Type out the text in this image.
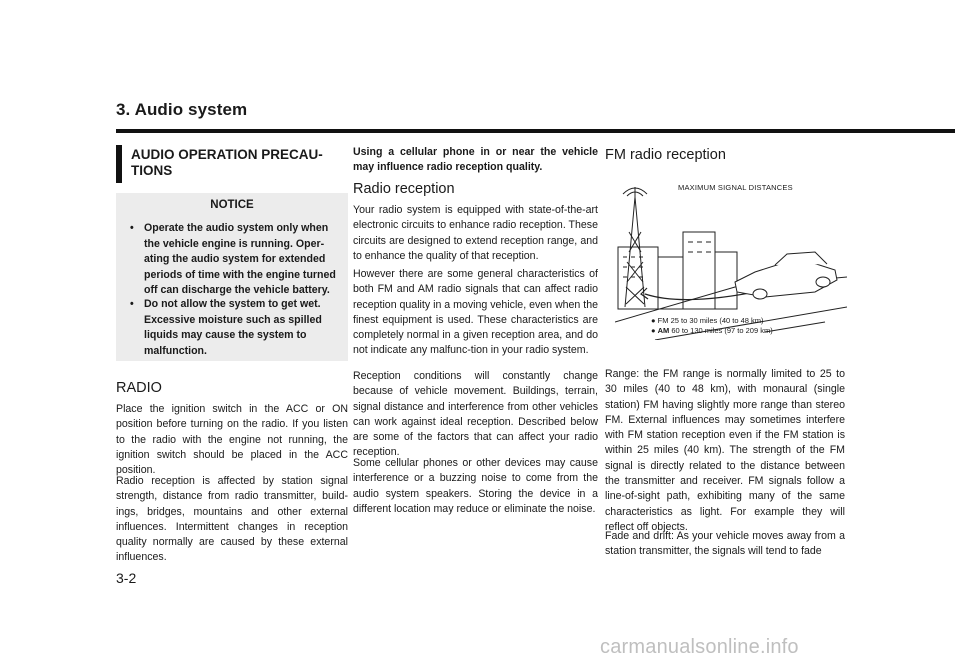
3. Audio system
AUDIO OPERATION PRECAU-TIONS
NOTICE
• Operate the audio system only when the vehicle engine is running. Oper-ating the audio system for extended periods of time with the engine turned off can discharge the vehicle battery.
• Do not allow the system to get wet. Excessive moisture such as spilled liquids may cause the system to malfunction.
RADIO

Place the ignition switch in the ACC or ON position before turning on the radio. If you listen to the radio with the engine not running, the ignition switch should be placed in the ACC position.

Radio reception is affected by station signal strength, distance from radio transmitter, build-ings, bridges, mountains and other external influences. Intermittent changes in reception quality normally are caused by these external influences.

3-2

Using a cellular phone in or near the vehicle may influence radio reception quality.

Radio reception

Your radio system is equipped with state-of-the-art electronic circuits to enhance radio reception. These circuits are designed to extend reception range, and to enhance the quality of that reception.

However there are some general characteristics of both FM and AM radio signals that can affect radio reception quality in a moving vehicle, even when the finest equipment is used. These characteristics are completely normal in a given reception area, and do not indicate any malfunc-tion in your radio system.

Reception conditions will constantly change because of vehicle movement. Buildings, terrain, signal distance and interference from other vehicles can work against ideal reception. Described below are some of the factors that can affect your radio reception.

Some cellular phones or other devices may cause interference or a buzzing noise to come from the audio system speakers. Storing the device in a different location may reduce or eliminate the noise.

FM radio reception
MAXIMUM SIGNAL DISTANCES
● FM 25 to 30 miles (40 to 48 km)
● AM 60 to 130 miles (97 to 209 km)

Range: the FM range is normally limited to 25 to 30 miles (40 to 48 km), with monaural (single station) FM having slightly more range than stereo FM. External influences may sometimes interfere with FM station reception even if the FM station is within 25 miles (40 km). The strength of the FM signal is directly related to the distance between the transmitter and receiver. FM signals follow a line-of-sight path, exhibiting many of the same characteristics as light. For example they will reflect off objects.

Fade and drift: As your vehicle moves away from a station transmitter, the signals will tend to fade

carmanualsonline.info
